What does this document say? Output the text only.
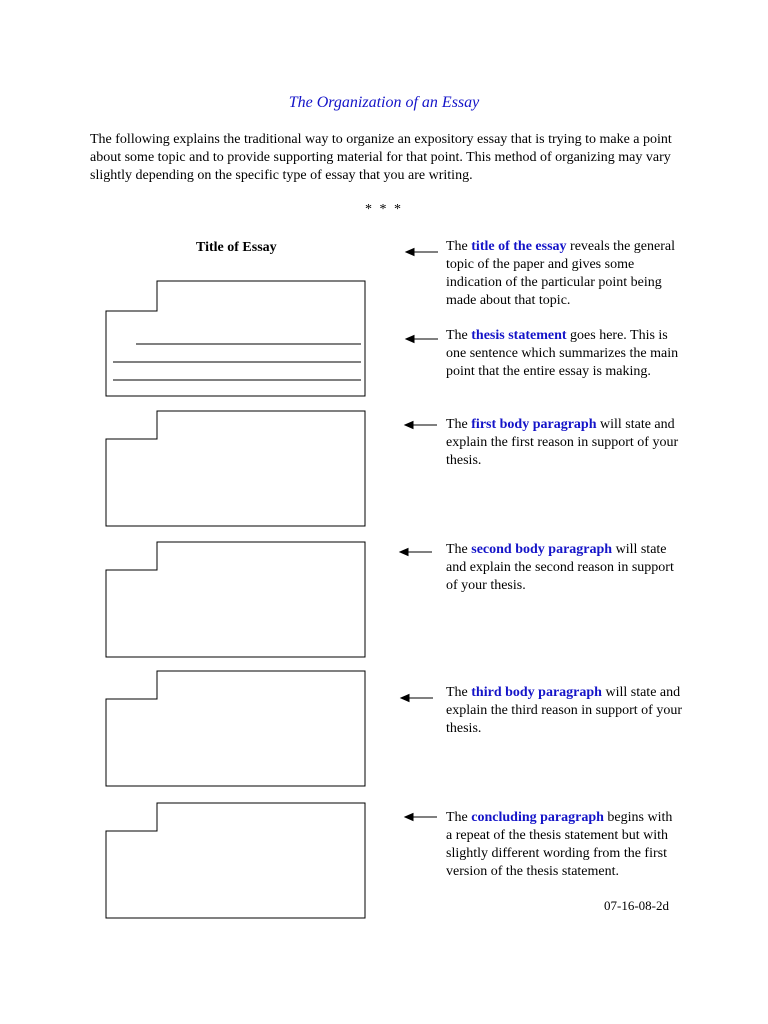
The Organization of an Essay
The following explains the traditional way to organize an expository essay that is trying to make a point about some topic and to provide supporting material for that point. This method of organizing may vary slightly depending on the specific type of essay that you are writing.
* * *
Title of Essay	The title of the essay reveals the general topic of the paper and gives some indication of the particular point being made about that topic.
The thesis statement goes here. This is one sentence which summarizes the main point that the entire essay is making.
The first body paragraph will state and explain the first reason in support of your thesis.
The second body paragraph will state and explain the second reason in support of your thesis.
The third body paragraph will state and explain the third reason in support of your thesis.
The concluding paragraph begins with a repeat of the thesis statement but with slightly different wording from the first version of the thesis statement.
07-16-08-2d
